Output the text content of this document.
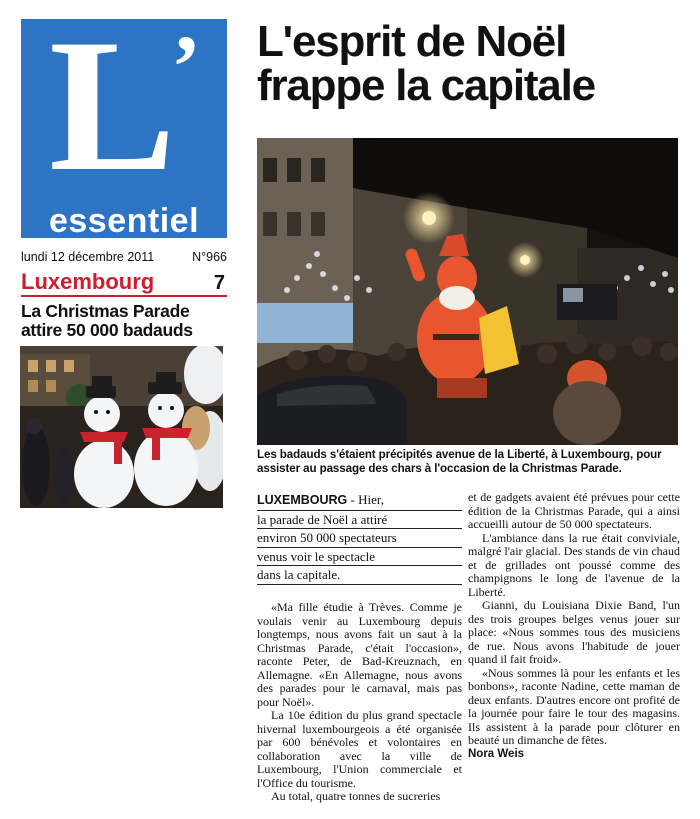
L
’
essentiel
lundi 12 décembre 2011	N°966
Luxembourg	7
La Christmas Parade attire 50 000 badauds
L'esprit de Noël
frappe la capitale
Les badauds s'étaient précipités avenue de la Liberté, à Luxembourg, pour assister au passage des chars à l'occasion de la Christmas Parade.
LUXEMBOURG - Hier,
la parade de Noël a attiré
environ 50 000 spectateurs
venus voir le spectacle
dans la capitale.

«Ma fille étudie à Trèves. Comme je voulais venir au Luxembourg depuis longtemps, nous avons fait un saut à la Christmas Parade, c'était l'occasion», raconte Peter, de Bad-Kreuznach, en Allemagne. «En Allemagne, nous avons des parades pour le carnaval, mais pas pour Noël».

La 10e édition du plus grand spectacle hivernal luxembourgeois a été organisée par 600 bénévoles et volontaires en collaboration avec la ville de Luxembourg, l'Union commerciale et l'Office du tourisme.

Au total, quatre tonnes de sucreries

et de gadgets avaient été prévues pour cette édition de la Christmas Parade, qui a ainsi accueilli autour de 50 000 spectateurs.

L'ambiance dans la rue était conviviale, malgré l'air glacial. Des stands de vin chaud et de grillades ont poussé comme des champignons le long de l'avenue de la Liberté.

Gianni, du Louisiana Dixie Band, l'un des trois groupes belges venus jouer sur place: «Nous sommes tous des musiciens de rue. Nous avons l'habitude de jouer quand il fait froid».

«Nous sommes là pour les enfants et les bonbons», raconte Nadine, cette maman de deux enfants. D'autres encore ont profité de la journée pour faire le tour des magasins. Ils assistent à la parade pour clôturer en beauté un dimanche de fêtes.

Nora Weis
